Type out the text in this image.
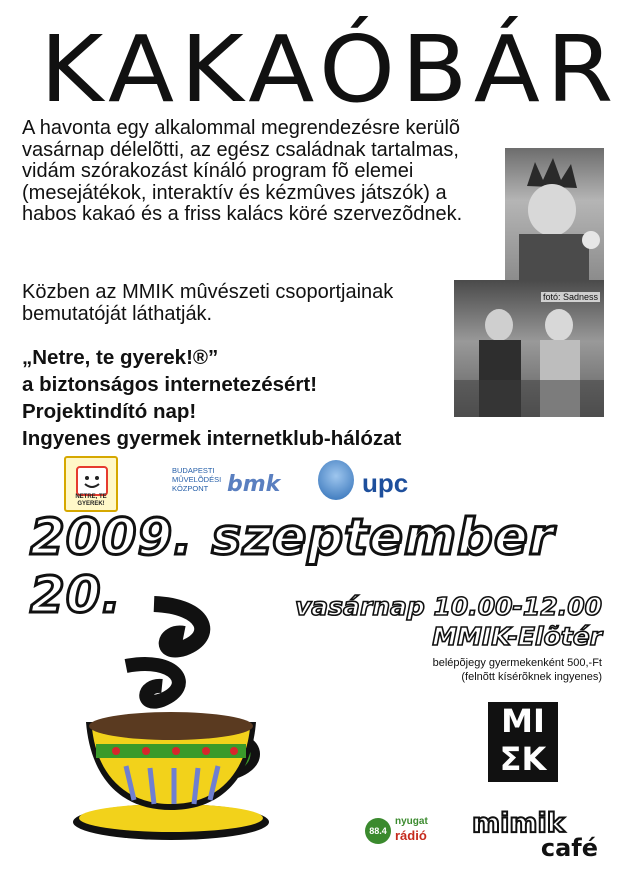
KAKAÓBÁR
A havonta egy alkalommal megrendezésre kerülõ vasárnap délelõtti, az egész családnak tartalmas, vidám szórakozást kínáló program fõ elemei (mesejátékok, interaktív és kézmûves játszók) a habos kakaó és a friss kalács köré szervezõdnek.
Közben az MMIK mûvészeti csoportjainak bemutatóját láthatják.
fotó: Sadness
„Netre, te gyerek!®”
a biztonságos internetezésért!
Projektindító nap!
Ingyenes gyermek internetklub-hálózat
NETRE, TE GYEREK!
BUDAPESTI
MÛVELÕDÉSI
KÖZPONT bmk	upc
2009. szeptember 20.	vasárnap 10.00-12.00
MMIK-Elõtér
belépõjegy gyermekenként 500,-Ft
(felnõtt kísérõknek ingyenes)
MI
ΣK
88.4
nyugat
rádió mimik
café
